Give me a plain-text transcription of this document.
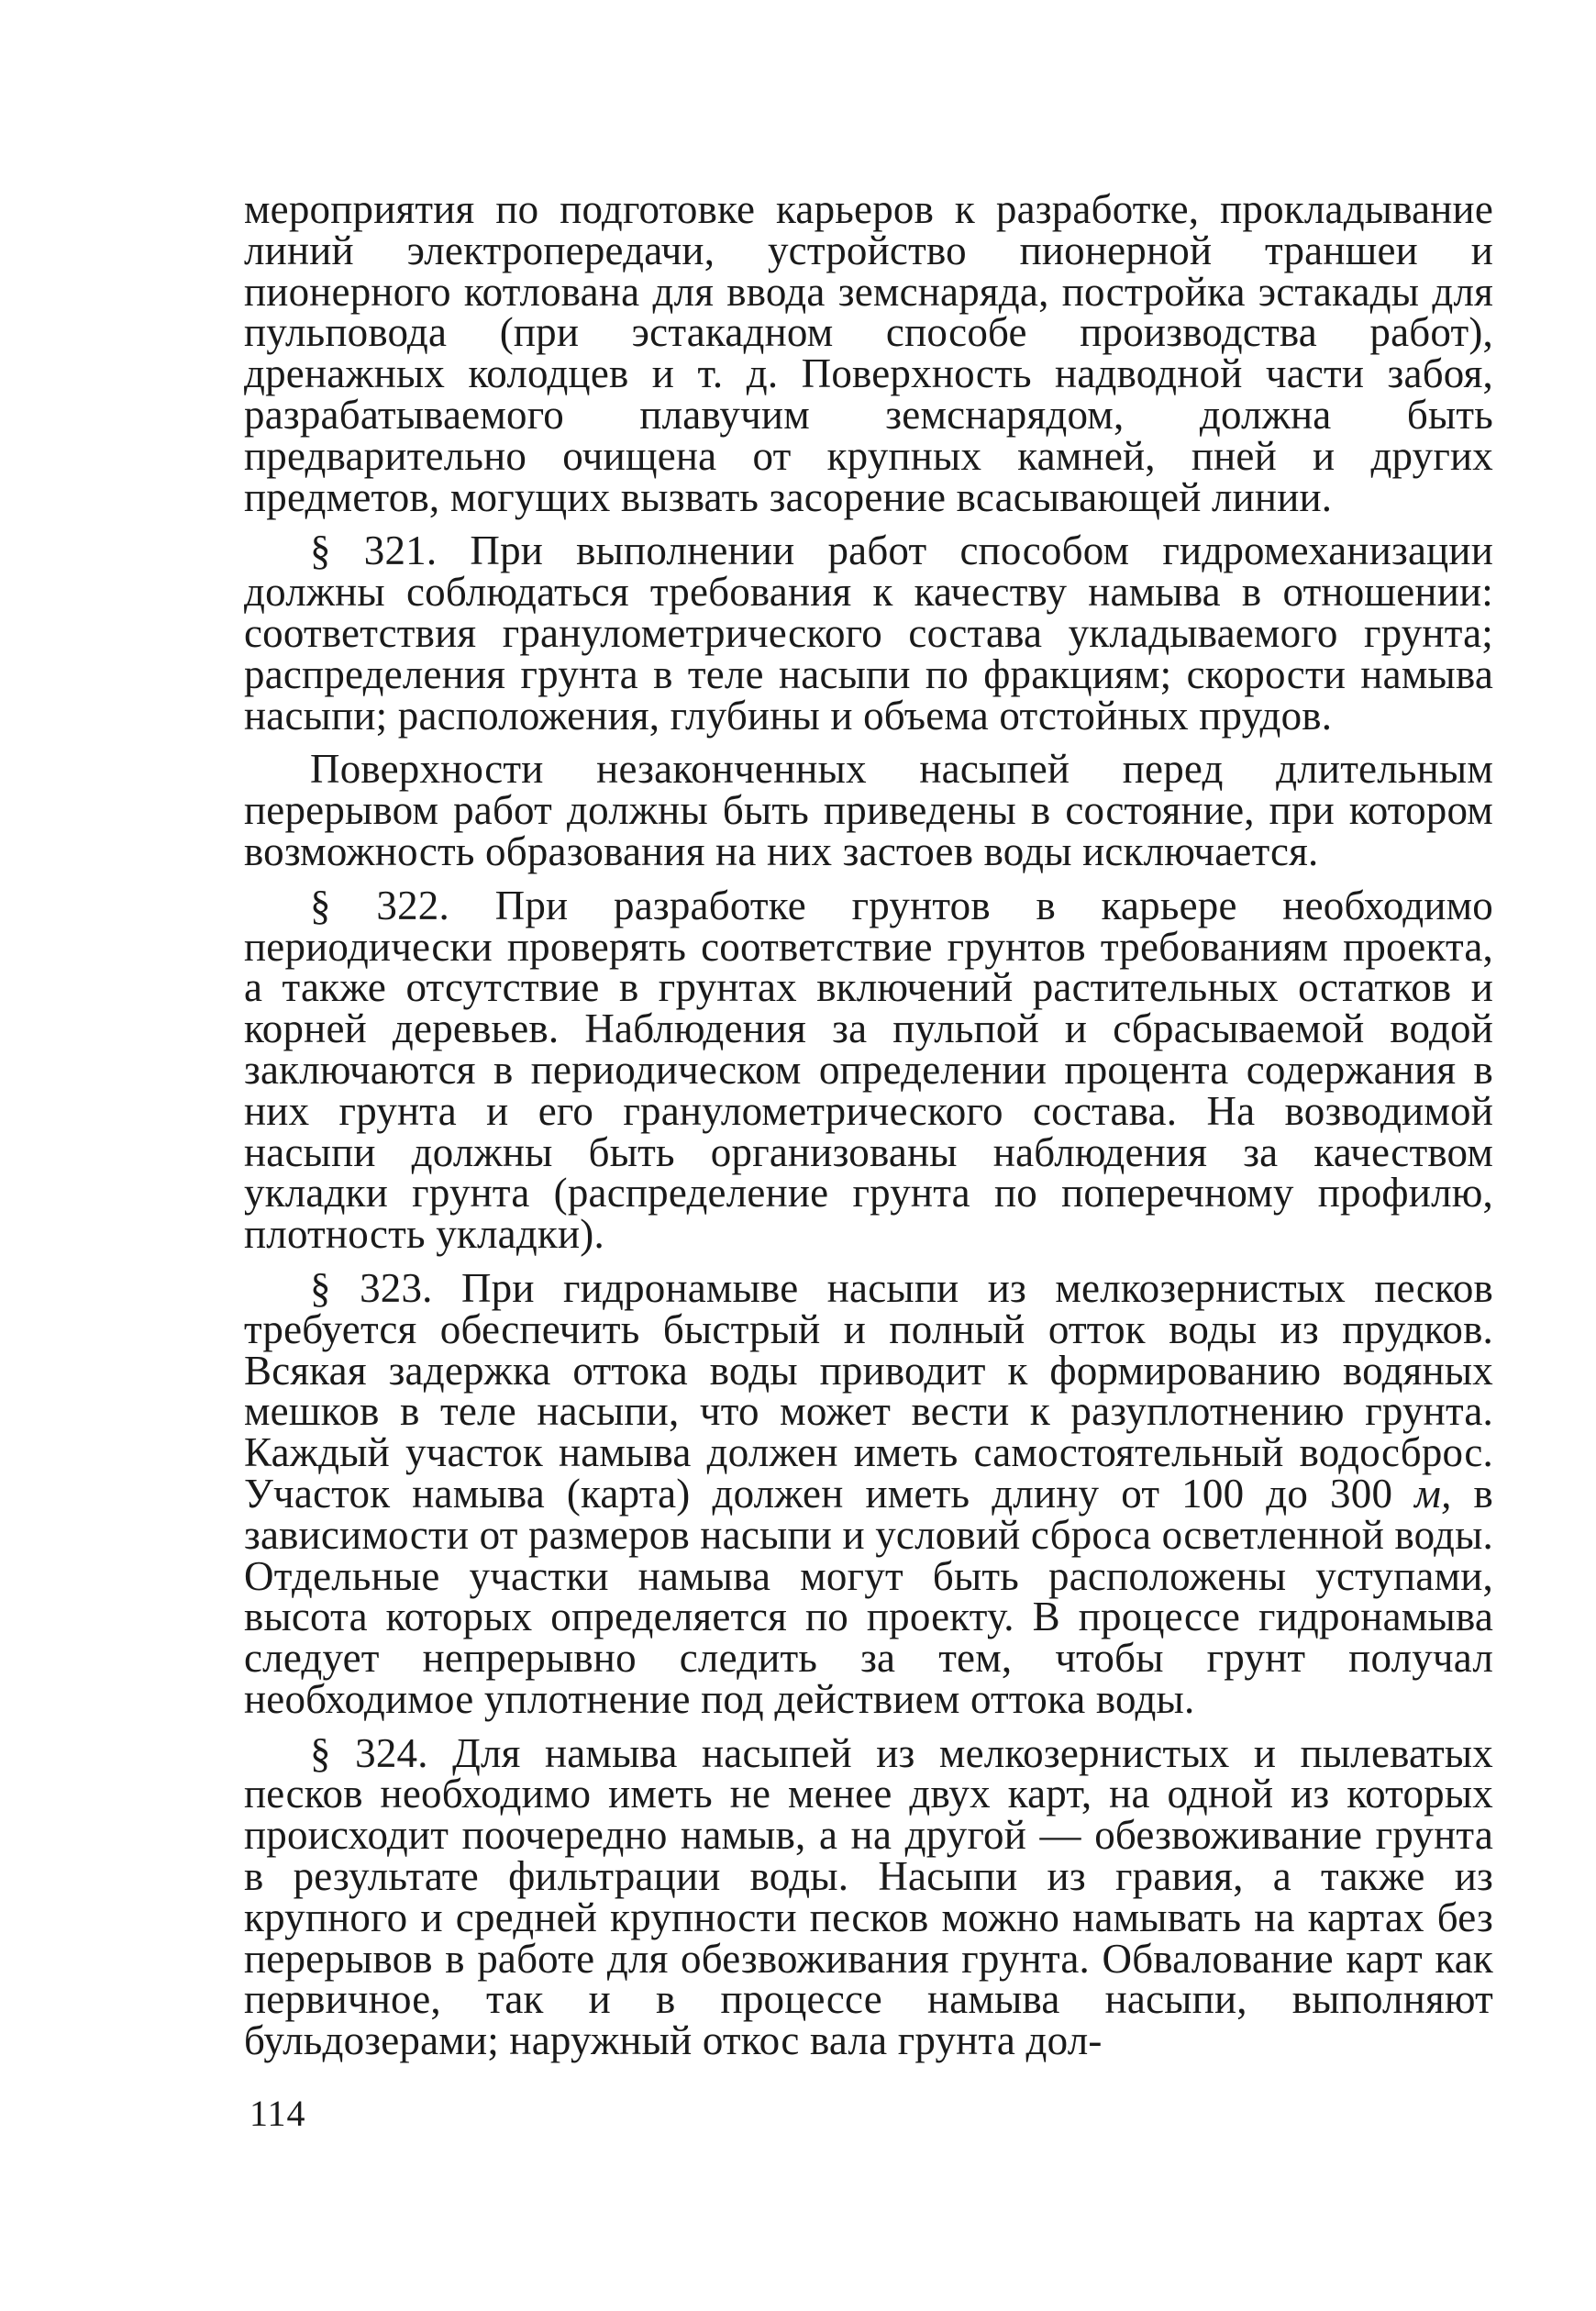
мероприятия по подготовке карьеров к разработке, прокладывание линий электропередачи, устройство пионерной траншеи и пионерного котлована для ввода земснаряда, постройка эстакады для пульповода (при эстакадном способе производства работ), дренажных колодцев и т. д. Поверхность надводной части забоя, разрабатываемого плавучим земснарядом, должна быть предварительно очищена от крупных камней, пней и других предметов, могущих вызвать засорение всасывающей линии.

§ 321. При выполнении работ способом гидромеханизации должны соблюдаться требования к качеству намыва в отношении: соответствия гранулометрического состава укладываемого грунта; распределения грунта в теле насыпи по фракциям; скорости намыва насыпи; расположения, глубины и объема отстойных прудов.

Поверхности незаконченных насыпей перед длительным перерывом работ должны быть приведены в состояние, при котором возможность образования на них застоев воды исключается.

§ 322. При разработке грунтов в карьере необходимо периодически проверять соответствие грунтов требованиям проекта, а также отсутствие в грунтах включений растительных остатков и корней деревьев. Наблюдения за пульпой и сбрасываемой водой заключаются в периодическом определении процента содержания в них грунта и его гранулометрического состава. На возводимой насыпи должны быть организованы наблюдения за качеством укладки грунта (распределение грунта по поперечному профилю, плотность укладки).

§ 323. При гидронамыве насыпи из мелкозернистых песков требуется обеспечить быстрый и полный отток воды из прудков. Всякая задержка оттока воды приводит к формированию водяных мешков в теле насыпи, что может вести к разуплотнению грунта. Каждый участок намыва должен иметь самостоятельный водосброс. Участок намыва (карта) должен иметь длину от 100 до 300 м, в зависимости от размеров насыпи и условий сброса осветленной воды. Отдельные участки намыва могут быть расположены уступами, высота которых определяется по проекту. В процессе гидронамыва следует непрерывно следить за тем, чтобы грунт получал необходимое уплотнение под действием оттока воды.

§ 324. Для намыва насыпей из мелкозернистых и пылеватых песков необходимо иметь не менее двух карт, на одной из которых происходит поочередно намыв, а на другой — обезвоживание грунта в результате фильтрации воды. Насыпи из гравия, а также из крупного и средней крупности песков можно намывать на картах без перерывов в работе для обезвоживания грунта. Обвалование карт как первичное, так и в процессе намыва насыпи, выполняют бульдозерами; наружный откос вала грунта дол-

114
